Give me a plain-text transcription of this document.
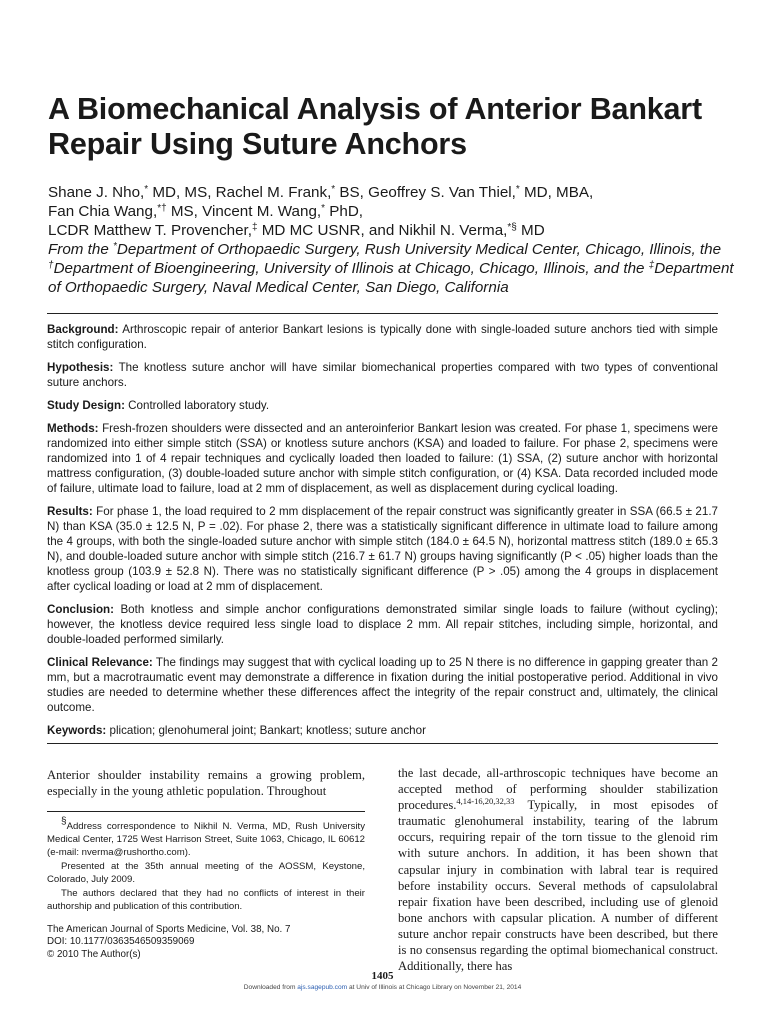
A Biomechanical Analysis of Anterior Bankart Repair Using Suture Anchors
Shane J. Nho,* MD, MS, Rachel M. Frank,* BS, Geoffrey S. Van Thiel,* MD, MBA,
Fan Chia Wang,*† MS, Vincent M. Wang,* PhD,
LCDR Matthew T. Provencher,‡ MD MC USNR, and Nikhil N. Verma,*§ MD
From the *Department of Orthopaedic Surgery, Rush University Medical Center, Chicago, Illinois, the †Department of Bioengineering, University of Illinois at Chicago, Chicago, Illinois, and the ‡Department of Orthopaedic Surgery, Naval Medical Center, San Diego, California

Background: Arthroscopic repair of anterior Bankart lesions is typically done with single-loaded suture anchors tied with simple stitch configuration.

Hypothesis: The knotless suture anchor will have similar biomechanical properties compared with two types of conventional suture anchors.

Study Design: Controlled laboratory study.

Methods: Fresh-frozen shoulders were dissected and an anteroinferior Bankart lesion was created. For phase 1, specimens were randomized into either simple stitch (SSA) or knotless suture anchors (KSA) and loaded to failure. For phase 2, specimens were randomized into 1 of 4 repair techniques and cyclically loaded then loaded to failure: (1) SSA, (2) suture anchor with horizontal mattress configuration, (3) double-loaded suture anchor with simple stitch configuration, or (4) KSA. Data recorded included mode of failure, ultimate load to failure, load at 2 mm of displacement, as well as displacement during cyclical loading.

Results: For phase 1, the load required to 2 mm displacement of the repair construct was significantly greater in SSA (66.5 ± 21.7 N) than KSA (35.0 ± 12.5 N, P = .02). For phase 2, there was a statistically significant difference in ultimate load to failure among the 4 groups, with both the single-loaded suture anchor with simple stitch (184.0 ± 64.5 N), horizontal mattress stitch (189.0 ± 65.3 N), and double-loaded suture anchor with simple stitch (216.7 ± 61.7 N) groups having significantly (P < .05) higher loads than the knotless group (103.9 ± 52.8 N). There was no statistically significant difference (P > .05) among the 4 groups in displacement after cyclical loading or load at 2 mm of displacement.

Conclusion: Both knotless and simple anchor configurations demonstrated similar single loads to failure (without cycling); however, the knotless device required less single load to displace 2 mm. All repair stitches, including simple, horizontal, and double-loaded performed similarly.

Clinical Relevance: The findings may suggest that with cyclical loading up to 25 N there is no difference in gapping greater than 2 mm, but a macrotraumatic event may demonstrate a difference in fixation during the initial postoperative period. Additional in vivo studies are needed to determine whether these differences affect the integrity of the repair construct and, ultimately, the clinical outcome.

Keywords: plication; glenohumeral joint; Bankart; knotless; suture anchor

Anterior shoulder instability remains a growing problem, especially in the young athletic population. Throughout

§Address correspondence to Nikhil N. Verma, MD, Rush University Medical Center, 1725 West Harrison Street, Suite 1063, Chicago, IL 60612 (e-mail: nverma@rushortho.com).

Presented at the 35th annual meeting of the AOSSM, Keystone, Colorado, July 2009.

The authors declared that they had no conflicts of interest in their authorship and publication of this contribution.

The American Journal of Sports Medicine, Vol. 38, No. 7
DOI: 10.1177/0363546509359069
© 2010 The Author(s)

the last decade, all-arthroscopic techniques have become an accepted method of performing shoulder stabilization procedures.$^{4,14-16,20,32,33}$ Typically, in most episodes of traumatic glenohumeral instability, tearing of the labrum occurs, requiring repair of the torn tissue to the glenoid rim with suture anchors. In addition, it has been shown that capsular injury in combination with labral tear is required before instability occurs. Several methods of capsulolabral repair fixation have been described, including use of glenoid bone anchors with capsular plication. A number of different suture anchor repair constructs have been described, but there is no consensus regarding the optimal biomechanical construct. Additionally, there has

1405
Downloaded from ajs.sagepub.com at Univ of Illinois at Chicago Library on November 21, 2014
